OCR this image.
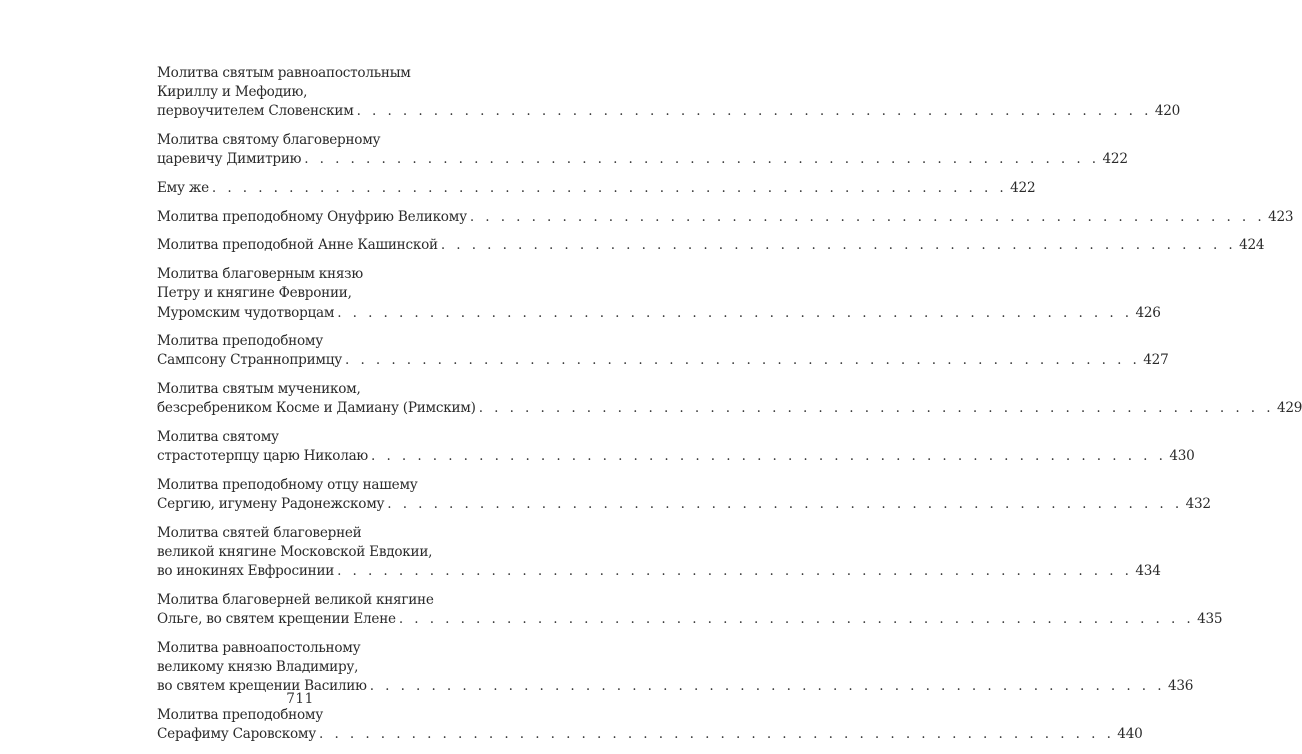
Молитва святым равноапостольным
Кириллу и Мефодию,
первоучителем Словенским . . . . . . . . . . . . . . . . . . . . . . . . . . . . . . . . . . . . . . . . . . . . . . . . . . . . 420
Молитва святому благоверному
царевичу Димитрию . . . . . . . . . . . . . . . . . . . . . . . . . . . . . . . . . . . . . . . . . . . . . . . . . . . . 422
Ему же . . . . . . . . . . . . . . . . . . . . . . . . . . . . . . . . . . . . . . . . . . . . . . . . . . . . 422
Молитва преподобному Онуфрию Великому . . . . . . . . . . . . . . . . . . . . . . . . . . . . . . . . . . . . . . . . . . . . . . . . . . . . 423
Молитва преподобной Анне Кашинской . . . . . . . . . . . . . . . . . . . . . . . . . . . . . . . . . . . . . . . . . . . . . . . . . . . . 424
Молитва благоверным князю
Петру и княгине Февронии,
Муромским чудотворцам . . . . . . . . . . . . . . . . . . . . . . . . . . . . . . . . . . . . . . . . . . . . . . . . . . . . 426
Молитва преподобному
Сампсону Страннопримцу . . . . . . . . . . . . . . . . . . . . . . . . . . . . . . . . . . . . . . . . . . . . . . . . . . . . 427
Молитва святым мучеником,
безсребреником Косме и Дамиану (Римским) . . . . . . . . . . . . . . . . . . . . . . . . . . . . . . . . . . . . . . . . . . . . . . . . . . . . 429
Молитва святому
страстотерпцу царю Николаю . . . . . . . . . . . . . . . . . . . . . . . . . . . . . . . . . . . . . . . . . . . . . . . . . . . . 430
Молитва преподобному отцу нашему
Сергию, игумену Радонежскому . . . . . . . . . . . . . . . . . . . . . . . . . . . . . . . . . . . . . . . . . . . . . . . . . . . . 432
Молитва святей благоверней
великой княгине Московской Евдокии,
во инокинях Евфросинии . . . . . . . . . . . . . . . . . . . . . . . . . . . . . . . . . . . . . . . . . . . . . . . . . . . . 434
Молитва благоверней великой княгине
Ольге, во святем крещении Елене . . . . . . . . . . . . . . . . . . . . . . . . . . . . . . . . . . . . . . . . . . . . . . . . . . . . 435
Молитва равноапостольному
великому князю Владимиру,
во святем крещении Василию . . . . . . . . . . . . . . . . . . . . . . . . . . . . . . . . . . . . . . . . . . . . . . . . . . . . 436
Молитва преподобному
Серафиму Саровскому . . . . . . . . . . . . . . . . . . . . . . . . . . . . . . . . . . . . . . . . . . . . . . . . . . . . 440
711
